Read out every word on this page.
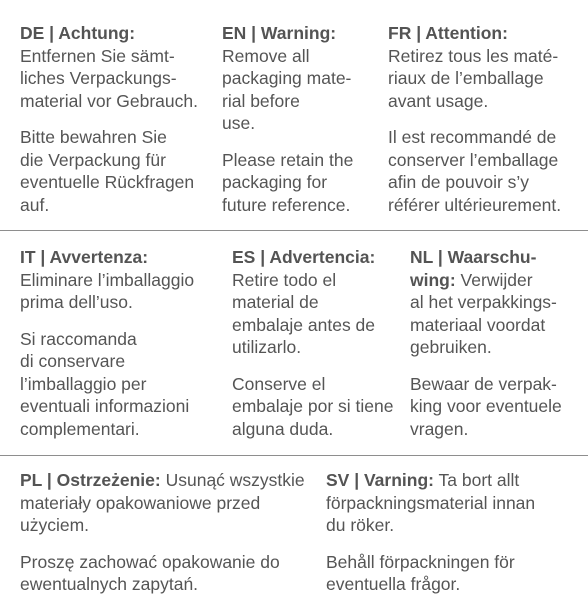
DE | Achtung:
Entfernen Sie sämt-
liches Verpackungs-
material vor Gebrauch.
Bitte bewahren Sie
die Verpackung für
eventuelle Rückfragen
auf.
EN | Warning:
Remove all
packaging mate-
rial before
use.
Please retain the
packaging for
future reference.
FR | Attention:
Retirez tous les maté-
riaux de l’emballage
avant usage.
Il est recommandé de
conserver l’emballage
afin de pouvoir s’y
référer ultérieurement.
IT | Avvertenza:
Eliminare l’imballaggio
prima dell’uso.
Si raccomanda
di conservare
l’imballaggio per
eventuali informazioni
complementari.
ES | Advertencia:
Retire todo el
material de
embalaje antes de
utilizarlo.
Conserve el
embalaje por si tiene
alguna duda.
NL | Waarschu-
wing: Verwijder
al het verpakkings-
materiaal voordat
gebruiken.
Bewaar de verpak-
king voor eventuele
vragen.
PL | Ostrzeżenie: Usunąć wszystkie
materiały opakowaniowe przed
użyciem.
Proszę zachować opakowanie do
ewentualnych zapytań.
SV | Varning: Ta bort allt
förpackningsmaterial innan
du röker.
Behåll förpackningen för
eventuella frågor.
